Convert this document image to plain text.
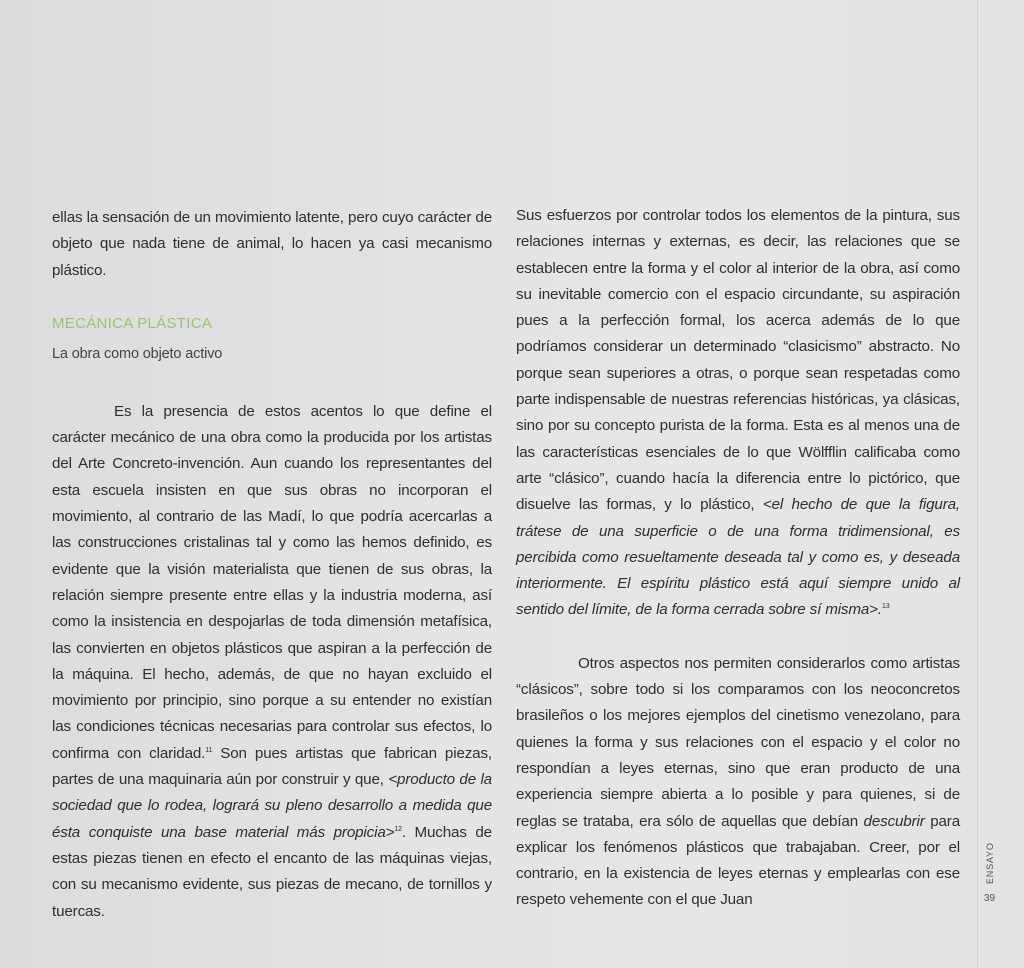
ellas la sensación de un movimiento latente, pero cuyo carácter de objeto que nada tiene de animal, lo hacen ya casi mecanismo plástico.

MECÁNICA PLÁSTICA
La obra como objeto activo

Es la presencia de estos acentos lo que define el carácter mecánico de una obra como la producida por los artistas del Arte Concreto-invención. Aun cuando los representantes del esta escuela insisten en que sus obras no incorporan el movimiento, al contrario de las Madí, lo que podría acercarlas a las construcciones cristalinas tal y como las hemos definido, es evidente que la visión materialista que tienen de sus obras, la relación siempre presente entre ellas y la industria moderna, así como la insistencia en despojarlas de toda dimensión metafísica, las convierten en objetos plásticos que aspiran a la perfección de la máquina. El hecho, además, de que no hayan excluido el movimiento por principio, sino porque a su entender no existían las condiciones técnicas necesarias para controlar sus efectos, lo confirma con claridad.$^{11}$ Son pues artistas que fabrican piezas, partes de una maquinaria aún por construir y que, <producto de la sociedad que lo rodea, logrará su pleno desarrollo a medida que ésta conquiste una base material más propicia>$^{12}$. Muchas de estas piezas tienen en efecto el encanto de las máquinas viejas, con su mecanismo evidente, sus piezas de mecano, de tornillos y tuercas.

Sus esfuerzos por controlar todos los elementos de la pintura, sus relaciones internas y externas, es decir, las relaciones que se establecen entre la forma y el color al interior de la obra, así como su inevitable comercio con el espacio circundante, su aspiración pues a la perfección formal, los acerca además de lo que podríamos considerar un determinado “clasicismo” abstracto. No porque sean superiores a otras, o porque sean respetadas como parte indispensable de nuestras referencias históricas, ya clásicas, sino por su concepto purista de la forma. Esta es al menos una de las características esenciales de lo que Wölfflin calificaba como arte “clásico”, cuando hacía la diferencia entre lo pictórico, que disuelve las formas, y lo plástico, <el hecho de que la figura, trátese de una superficie o de una forma tridimensional, es percibida como resueltamente deseada tal y como es, y deseada interiormente. El espíritu plástico está aquí siempre unido al sentido del límite, de la forma cerrada sobre sí misma>.$^{13}$

Otros aspectos nos permiten considerarlos como artistas “clásicos”, sobre todo si los comparamos con los neoconcretos brasileños o los mejores ejemplos del cinetismo venezolano, para quienes la forma y sus relaciones con el espacio y el color no respondían a leyes eternas, sino que eran producto de una experiencia siempre abierta a lo posible y para quienes, si de reglas se trataba, era sólo de aquellas que debían descubrir para explicar los fenómenos plásticos que trabajaban. Creer, por el contrario, en la existencia de leyes eternas y emplearlas con ese respeto vehemente con el que Juan

ENSAYO
39
